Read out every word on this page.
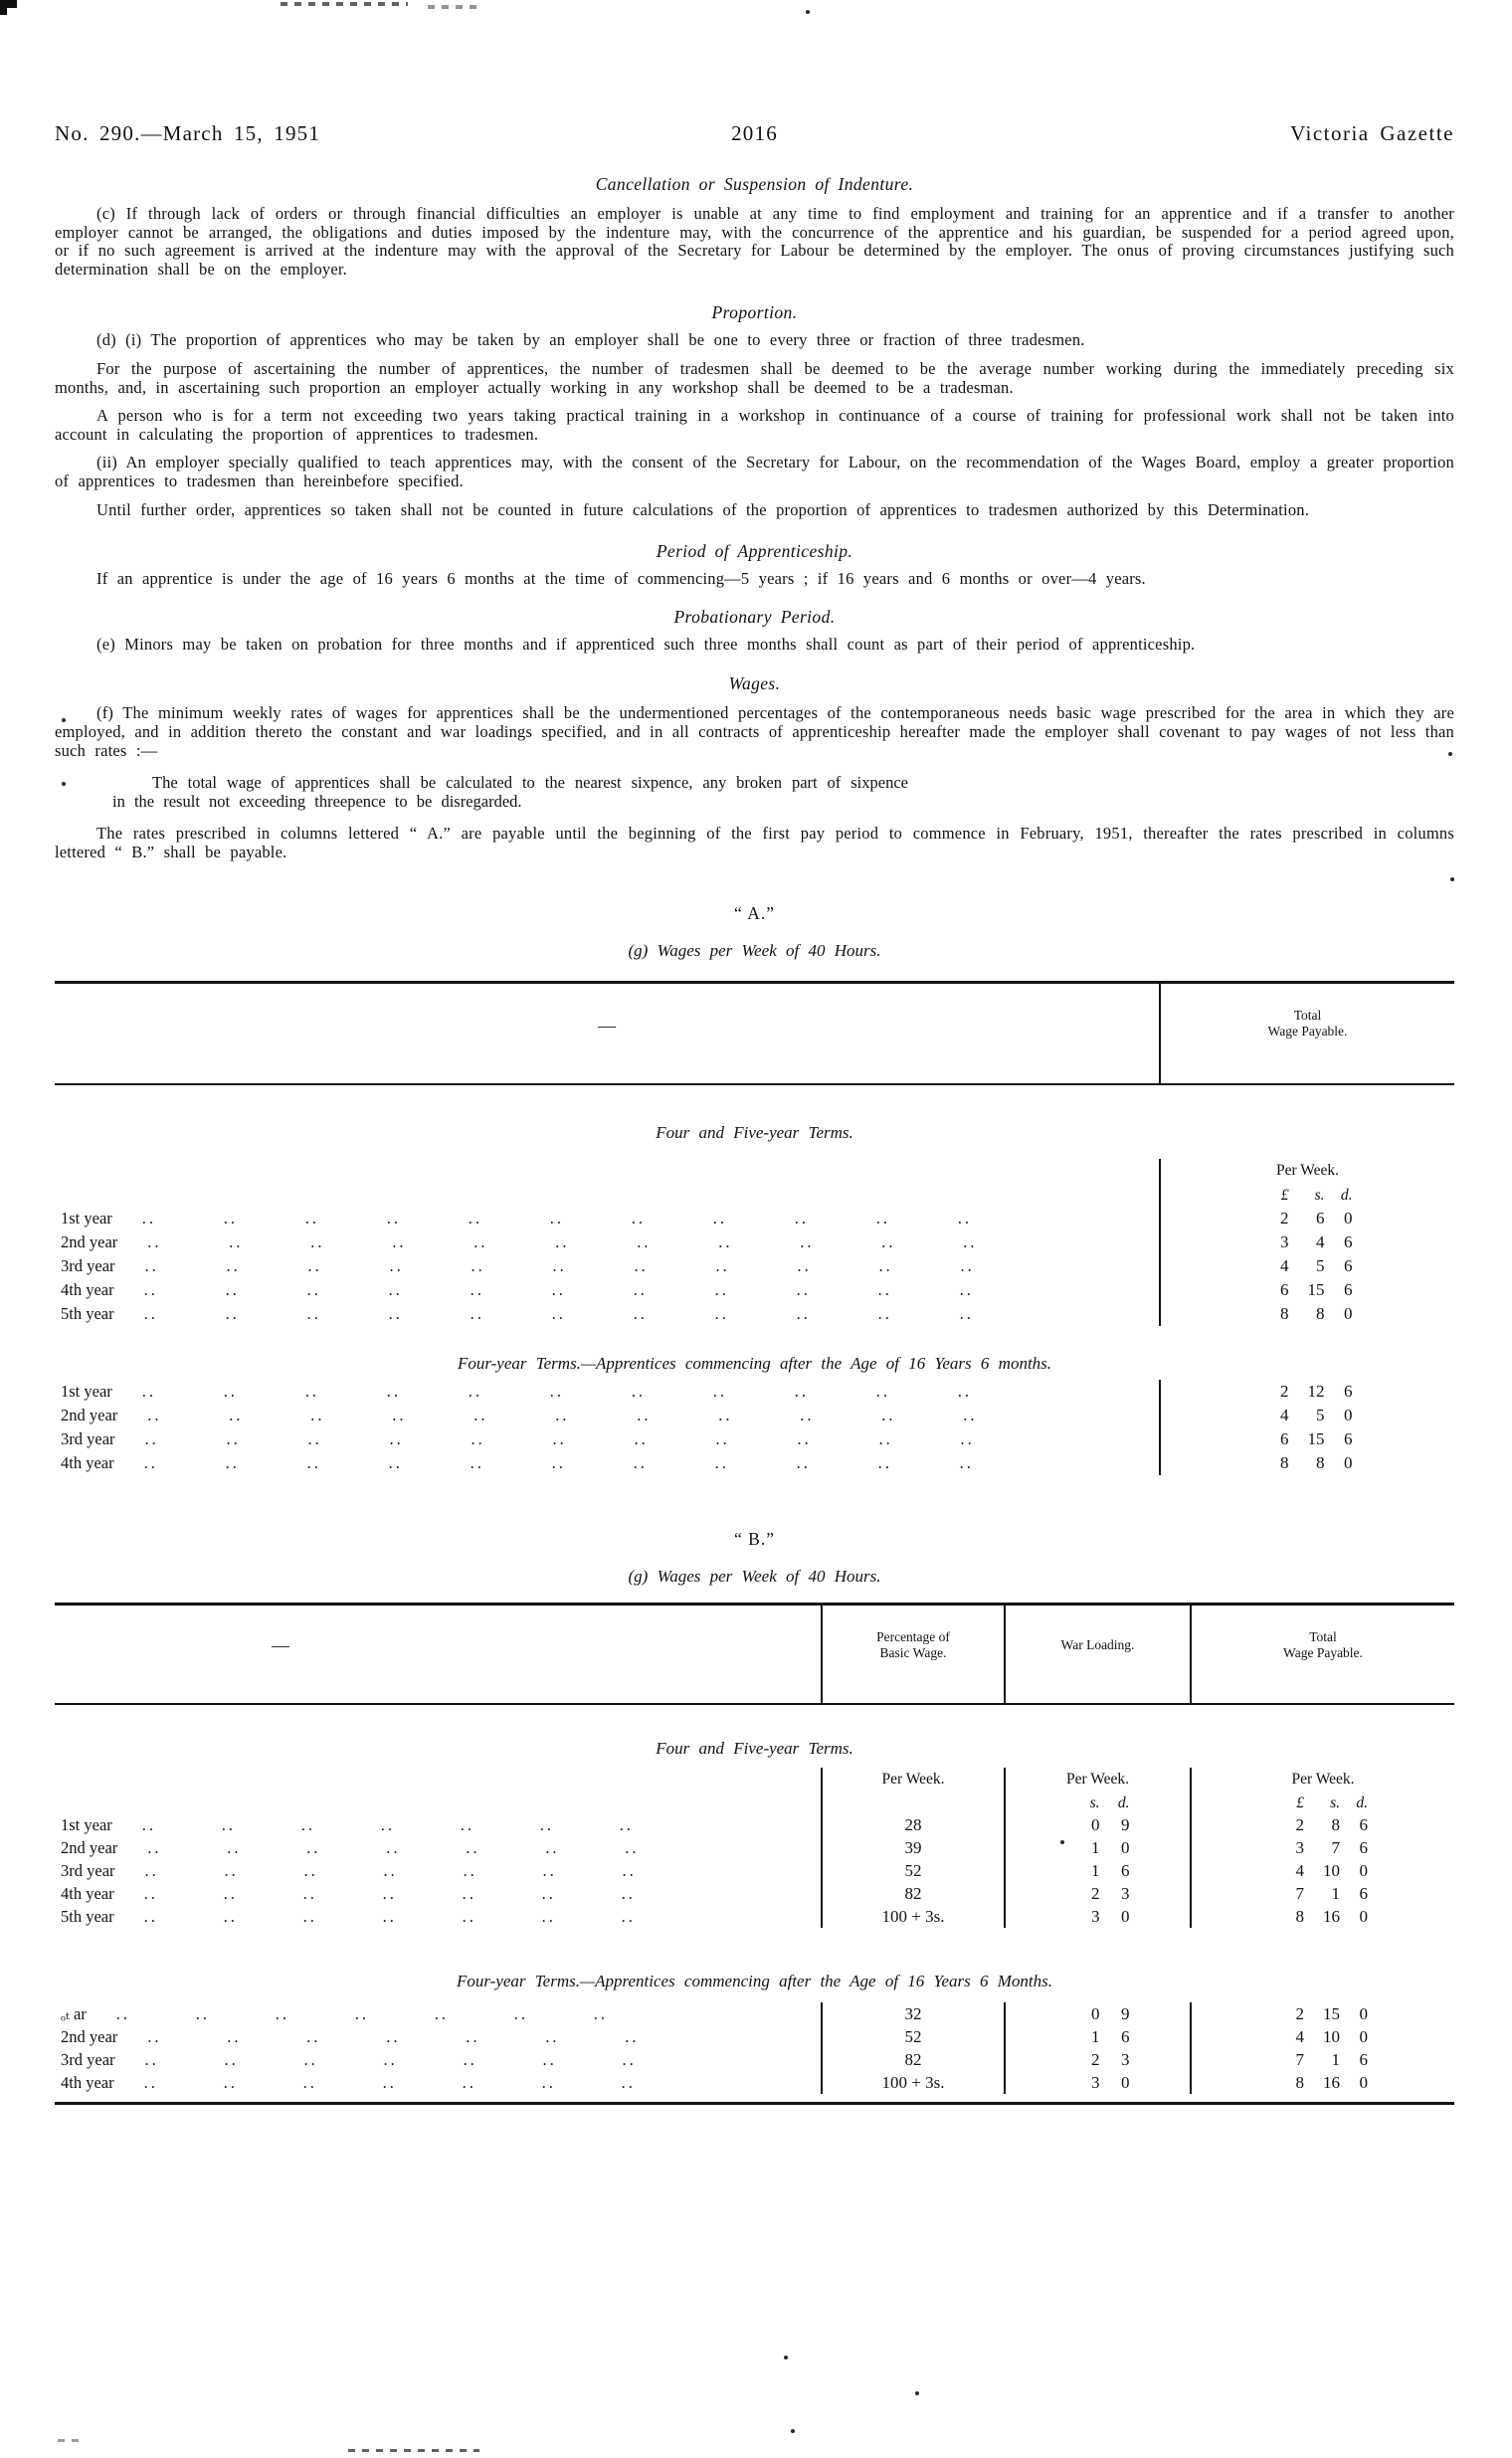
No. 290.—March 15, 1951	2016	Victoria Gazette
Cancellation or Suspension of Indenture.

(c) If through lack of orders or through financial difficulties an employer is unable at any time to find employment and training for an apprentice and if a transfer to another employer cannot be arranged, the obligations and duties imposed by the indenture may, with the concurrence of the apprentice and his guardian, be suspended for a period agreed upon, or if no such agreement is arrived at the indenture may with the approval of the Secretary for Labour be determined by the employer. The onus of proving circumstances justifying such determination shall be on the employer.

Proportion.

(d) (i) The proportion of apprentices who may be taken by an employer shall be one to every three or fraction of three tradesmen.

For the purpose of ascertaining the number of apprentices, the number of tradesmen shall be deemed to be the average number working during the immediately preceding six months, and, in ascertaining such proportion an employer actually working in any workshop shall be deemed to be a tradesman.

A person who is for a term not exceeding two years taking practical training in a workshop in continuance of a course of training for professional work shall not be taken into account in calculating the proportion of apprentices to tradesmen.

(ii) An employer specially qualified to teach apprentices may, with the consent of the Secretary for Labour, on the recommendation of the Wages Board, employ a greater proportion of apprentices to tradesmen than hereinbefore specified.

Until further order, apprentices so taken shall not be counted in future calculations of the proportion of apprentices to tradesmen authorized by this Determination.

Period of Apprenticeship.

If an apprentice is under the age of 16 years 6 months at the time of commencing—5 years ; if 16 years and 6 months or over—4 years.

Probationary Period.

(e) Minors may be taken on probation for three months and if apprenticed such three months shall count as part of their period of apprenticeship.

Wages.

(f) The minimum weekly rates of wages for apprentices shall be the undermentioned percentages of the contemporaneous needs basic wage prescribed for the area in which they are employed, and in addition thereto the constant and war loadings specified, and in all contracts of apprenticeship hereafter made the employer shall covenant to pay wages of not less than such rates :—

The total wage of apprentices shall be calculated to the nearest sixpence, any broken part of sixpence in the result not exceeding threepence to be disregarded.

The rates prescribed in columns lettered “ A.” are payable until the beginning of the first pay period to commence in February, 1951, thereafter the rates prescribed in columns lettered “ B.” shall be payable.

“ A.”
(g) Wages per Week of 40 Hours.
—
Total
Wage Payable.
Four and Five-year Terms.
Per Week.
£	s.	d.
1st year	..	..	..	..	..	..	..	..	..	..	..	2	6	0
2nd year	..	..	..	..	..	..	..	..	..	..	..	3	4	6
3rd year	..	..	..	..	..	..	..	..	..	..	..	4	5	6
4th year	..	..	..	..	..	..	..	..	..	..	..	6	15	6
5th year	..	..	..	..	..	..	..	..	..	..	..	8	8	0
Four-year Terms.—Apprentices commencing after the Age of 16 Years 6 months.
1st year	..	..	..	..	..	..	..	..	..	..	..	2	12	6
2nd year	..	..	..	..	..	..	..	..	..	..	..	4	5	0
3rd year	..	..	..	..	..	..	..	..	..	..	..	6	15	6
4th year	..	..	..	..	..	..	..	..	..	..	..	8	8	0
“ B.”
(g) Wages per Week of 40 Hours.
—	Percentage of
Basic Wage.
War Loading.
Total
Wage Payable.
Four and Five-year Terms.
Per Week.	Per Week.	Per Week.
s.	d.	£	s.	d.
1st year	..	..	..	..	..	..	..	28	0	9	2	8	6
2nd year	..	..	..	..	..	..	..	39	1	0	3	7	6
3rd year	..	..	..	..	..	..	..	52	1	6	4	10	0
4th year	..	..	..	..	..	..	..	82	2	3	7	1	6
5th year	..	..	..	..	..	..	..	100 + 3s.	3	0	8	16	0
Four-year Terms.—Apprentices commencing after the Age of 16 Years 6 Months.
ₒₜ ar	..	..	..	..	..	..	..	32	0	9	2	15	0
2nd year	..	..	..	..	..	..	..	52	1	6	4	10	0
3rd year	..	..	..	..	..	..	..	82	2	3	7	1	6
4th year	..	..	..	..	..	..	..	100 + 3s.	3	0	8	16	0
